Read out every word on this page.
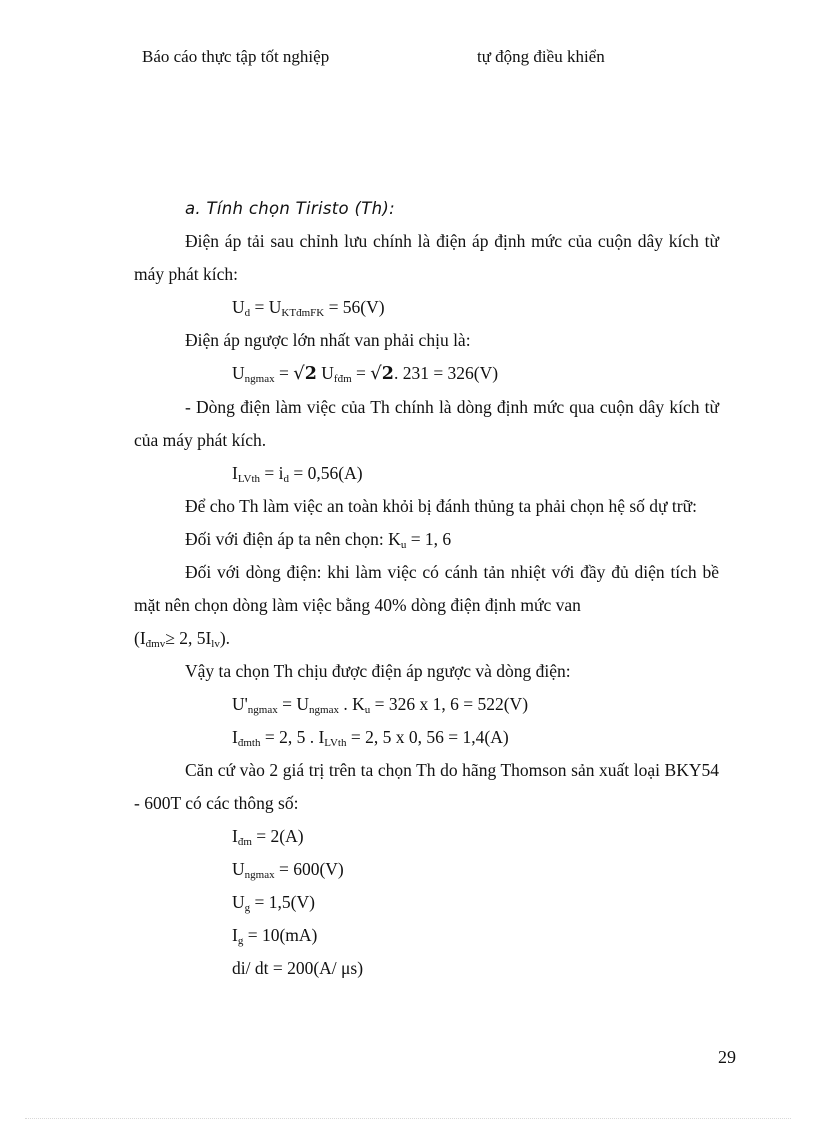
Báo cáo thực tập tốt nghiệp	tự động điều khiển

a. Tính chọn Tiristo (Th):

Điện áp tải sau chỉnh lưu chính là điện áp định mức của cuộn dây kích từ máy phát kích:

$U_d = U_{KTđmFK} = 56(V)$

Điện áp ngược lớn nhất van phải chịu là:

$U_{ngmax} = √2$ $U_{fđm} = √2$. 231 = 326(V)

- Dòng điện làm việc của Th chính là dòng định mức qua cuộn dây kích từ của máy phát kích.

$I_{LVth} = i_d = 0,56(A)$

Để cho Th làm việc an toàn khỏi bị đánh thủng ta phải chọn hệ số dự trữ:

Đối với điện áp ta nên chọn: $K_u = 1$, 6

Đối với dòng điện: khi làm việc có cánh tản nhiệt với đầy đủ diện tích bề mặt nên chọn dòng làm việc bằng 40% dòng điện định mức van

($I_{đmv}\ge 2$, $5I_{lv}$).

Vậy ta chọn Th chịu được điện áp ngược và dòng điện:

$U'_{ngmax} = U_{ngmax}$ . $K_u = 326$ x 1, 6 = 522(V)

$I_{đmth} = 2$, 5 . $I_{LVth} = 2$, 5 x 0, 56 = 1,4(A)

Căn cứ vào 2 giá trị trên ta chọn Th do hãng Thomson sản xuất loại BKY54 - 600T có các thông số:

$I_{đm} = 2(A)$

$U_{ngmax} = 600(V)$

$U_g = 1,5(V)$

$I_g = 10(mA)$

di/ dt = 200(A/ μs)

29
